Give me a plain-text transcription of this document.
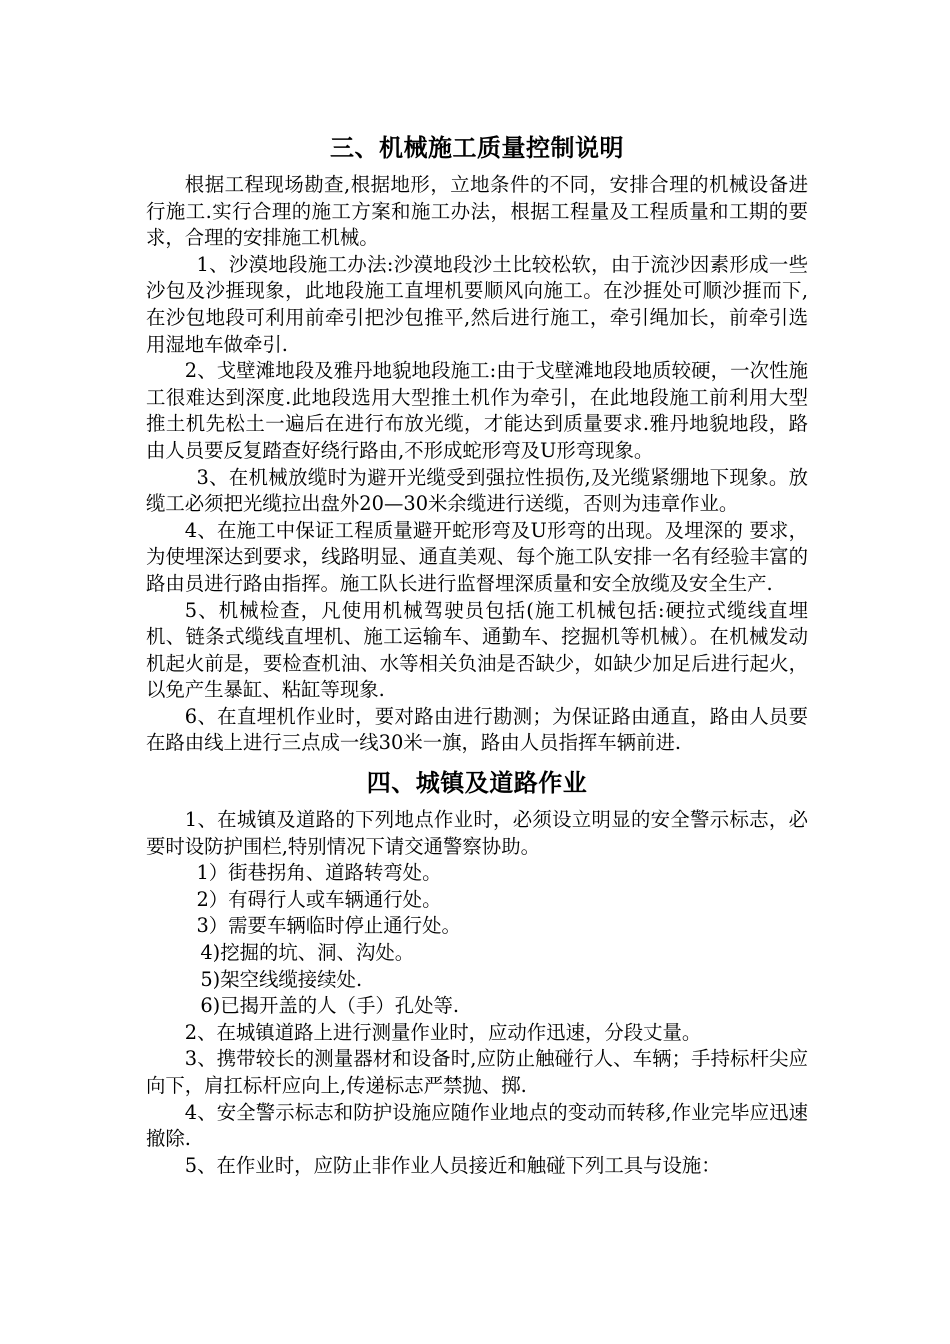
三、机械施工质量控制说明

根据工程现场勘查,根据地形，立地条件的不同，安排合理的机械设备进行施工.实行合理的施工方案和施工办法，根据工程量及工程质量和工期的要求，合理的安排施工机械。

1、沙漠地段施工办法:沙漠地段沙土比较松软，由于流沙因素形成一些沙包及沙捱现象，此地段施工直埋机要顺风向施工。在沙捱处可顺沙捱而下,在沙包地段可利用前牵引把沙包推平,然后进行施工，牵引绳加长，前牵引选用湿地车做牵引.

2、戈壁滩地段及雅丹地貌地段施工:由于戈壁滩地段地质较硬，一次性施工很难达到深度.此地段选用大型推土机作为牵引，在此地段施工前利用大型推土机先松土一遍后在进行布放光缆，才能达到质量要求.雅丹地貌地段，路由人员要反复踏查好绕行路由,不形成蛇形弯及U形弯现象。

3、在机械放缆时为避开光缆受到强拉性损伤,及光缆紧绷地下现象。放缆工必须把光缆拉出盘外20—30米余缆进行送缆，否则为违章作业。

4、在施工中保证工程质量避开蛇形弯及U形弯的出现。及埋深的 要求，为使埋深达到要求，线路明显、通直美观、每个施工队安排一名有经验丰富的路由员进行路由指挥。施工队长进行监督埋深质量和安全放缆及安全生产.

5、机械检查，凡使用机械驾驶员包括(施工机械包括:硬拉式缆线直埋机、链条式缆线直埋机、施工运输车、通勤车、挖掘机等机械）。在机械发动机起火前是，要检查机油、水等相关负油是否缺少，如缺少加足后进行起火，以免产生暴缸、粘缸等现象.

6、在直埋机作业时，要对路由进行勘测；为保证路由通直，路由人员要在路由线上进行三点成一线30米一旗，路由人员指挥车辆前进.

四、城镇及道路作业

1、在城镇及道路的下列地点作业时，必须设立明显的安全警示标志，必要时设防护围栏,特别情况下请交通警察协助。

1）街巷拐角、道路转弯处。

2）有碍行人或车辆通行处。

3）需要车辆临时停止通行处。

4)挖掘的坑、洞、沟处。

5)架空线缆接续处.

6)已揭开盖的人（手）孔处等.

2、在城镇道路上进行测量作业时，应动作迅速，分段丈量。

3、携带较长的测量器材和设备时,应防止触碰行人、车辆；手持标杆尖应向下，肩扛标杆应向上,传递标志严禁抛、掷.

4、安全警示标志和防护设施应随作业地点的变动而转移,作业完毕应迅速撤除.

5、在作业时，应防止非作业人员接近和触碰下列工具与设施：
